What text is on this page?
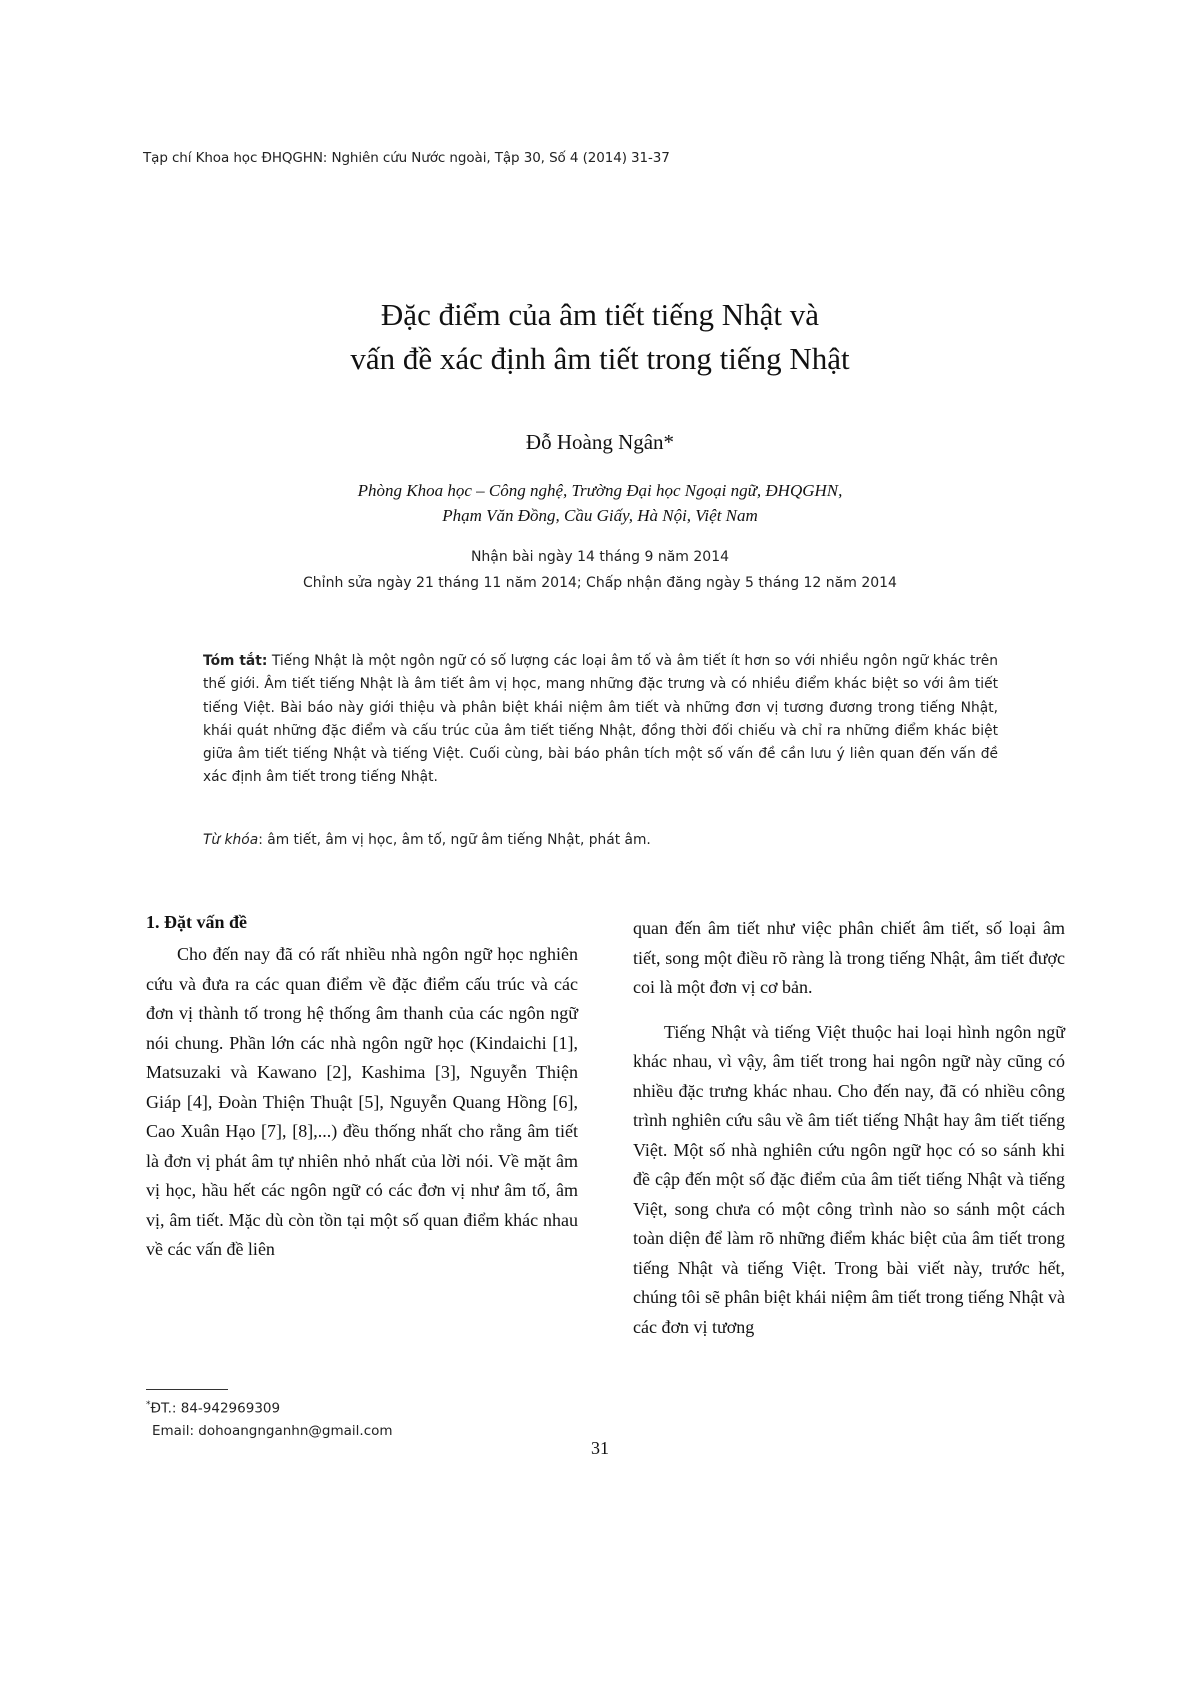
Tạp chí Khoa học ĐHQGHN: Nghiên cứu Nước ngoài, Tập 30, Số 4 (2014) 31-37
Đặc điểm của âm tiết tiếng Nhật và
vấn đề xác định âm tiết trong tiếng Nhật
Đỗ Hoàng Ngân*
Phòng Khoa học – Công nghệ, Trường Đại học Ngoại ngữ, ĐHQGHN,
Phạm Văn Đồng, Cầu Giấy, Hà Nội, Việt Nam
Nhận bài ngày 14 tháng 9 năm 2014
Chỉnh sửa ngày 21 tháng 11 năm 2014; Chấp nhận đăng ngày 5 tháng 12 năm 2014
Tóm tắt: Tiếng Nhật là một ngôn ngữ có số lượng các loại âm tố và âm tiết ít hơn so với nhiều ngôn ngữ khác trên thế giới. Âm tiết tiếng Nhật là âm tiết âm vị học, mang những đặc trưng và có nhiều điểm khác biệt so với âm tiết tiếng Việt. Bài báo này giới thiệu và phân biệt khái niệm âm tiết và những đơn vị tương đương trong tiếng Nhật, khái quát những đặc điểm và cấu trúc của âm tiết tiếng Nhật, đồng thời đối chiếu và chỉ ra những điểm khác biệt giữa âm tiết tiếng Nhật và tiếng Việt. Cuối cùng, bài báo phân tích một số vấn đề cần lưu ý liên quan đến vấn đề xác định âm tiết trong tiếng Nhật.
Từ khóa: âm tiết, âm vị học, âm tố, ngữ âm tiếng Nhật, phát âm.
1. Đặt vấn đề

Cho đến nay đã có rất nhiều nhà ngôn ngữ học nghiên cứu và đưa ra các quan điểm về đặc điểm cấu trúc và các đơn vị thành tố trong hệ thống âm thanh của các ngôn ngữ nói chung. Phần lớn các nhà ngôn ngữ học (Kindaichi [1], Matsuzaki và Kawano [2], Kashima [3], Nguyễn Thiện Giáp [4], Đoàn Thiện Thuật [5], Nguyễn Quang Hồng [6], Cao Xuân Hạo [7], [8],...) đều thống nhất cho rằng âm tiết là đơn vị phát âm tự nhiên nhỏ nhất của lời nói. Về mặt âm vị học, hầu hết các ngôn ngữ có các đơn vị như âm tố, âm vị, âm tiết. Mặc dù còn tồn tại một số quan điểm khác nhau về các vấn đề liên

quan đến âm tiết như việc phân chiết âm tiết, số loại âm tiết, song một điều rõ ràng là trong tiếng Nhật, âm tiết được coi là một đơn vị cơ bản.

Tiếng Nhật và tiếng Việt thuộc hai loại hình ngôn ngữ khác nhau, vì vậy, âm tiết trong hai ngôn ngữ này cũng có nhiều đặc trưng khác nhau. Cho đến nay, đã có nhiều công trình nghiên cứu sâu về âm tiết tiếng Nhật hay âm tiết tiếng Việt. Một số nhà nghiên cứu ngôn ngữ học có so sánh khi đề cập đến một số đặc điểm của âm tiết tiếng Nhật và tiếng Việt, song chưa có một công trình nào so sánh một cách toàn diện để làm rõ những điểm khác biệt của âm tiết trong tiếng Nhật và tiếng Việt. Trong bài viết này, trước hết, chúng tôi sẽ phân biệt khái niệm âm tiết trong tiếng Nhật và các đơn vị tương

*ĐT.: 84-942969309
Email: dohoangnganhn@gmail.com
31
